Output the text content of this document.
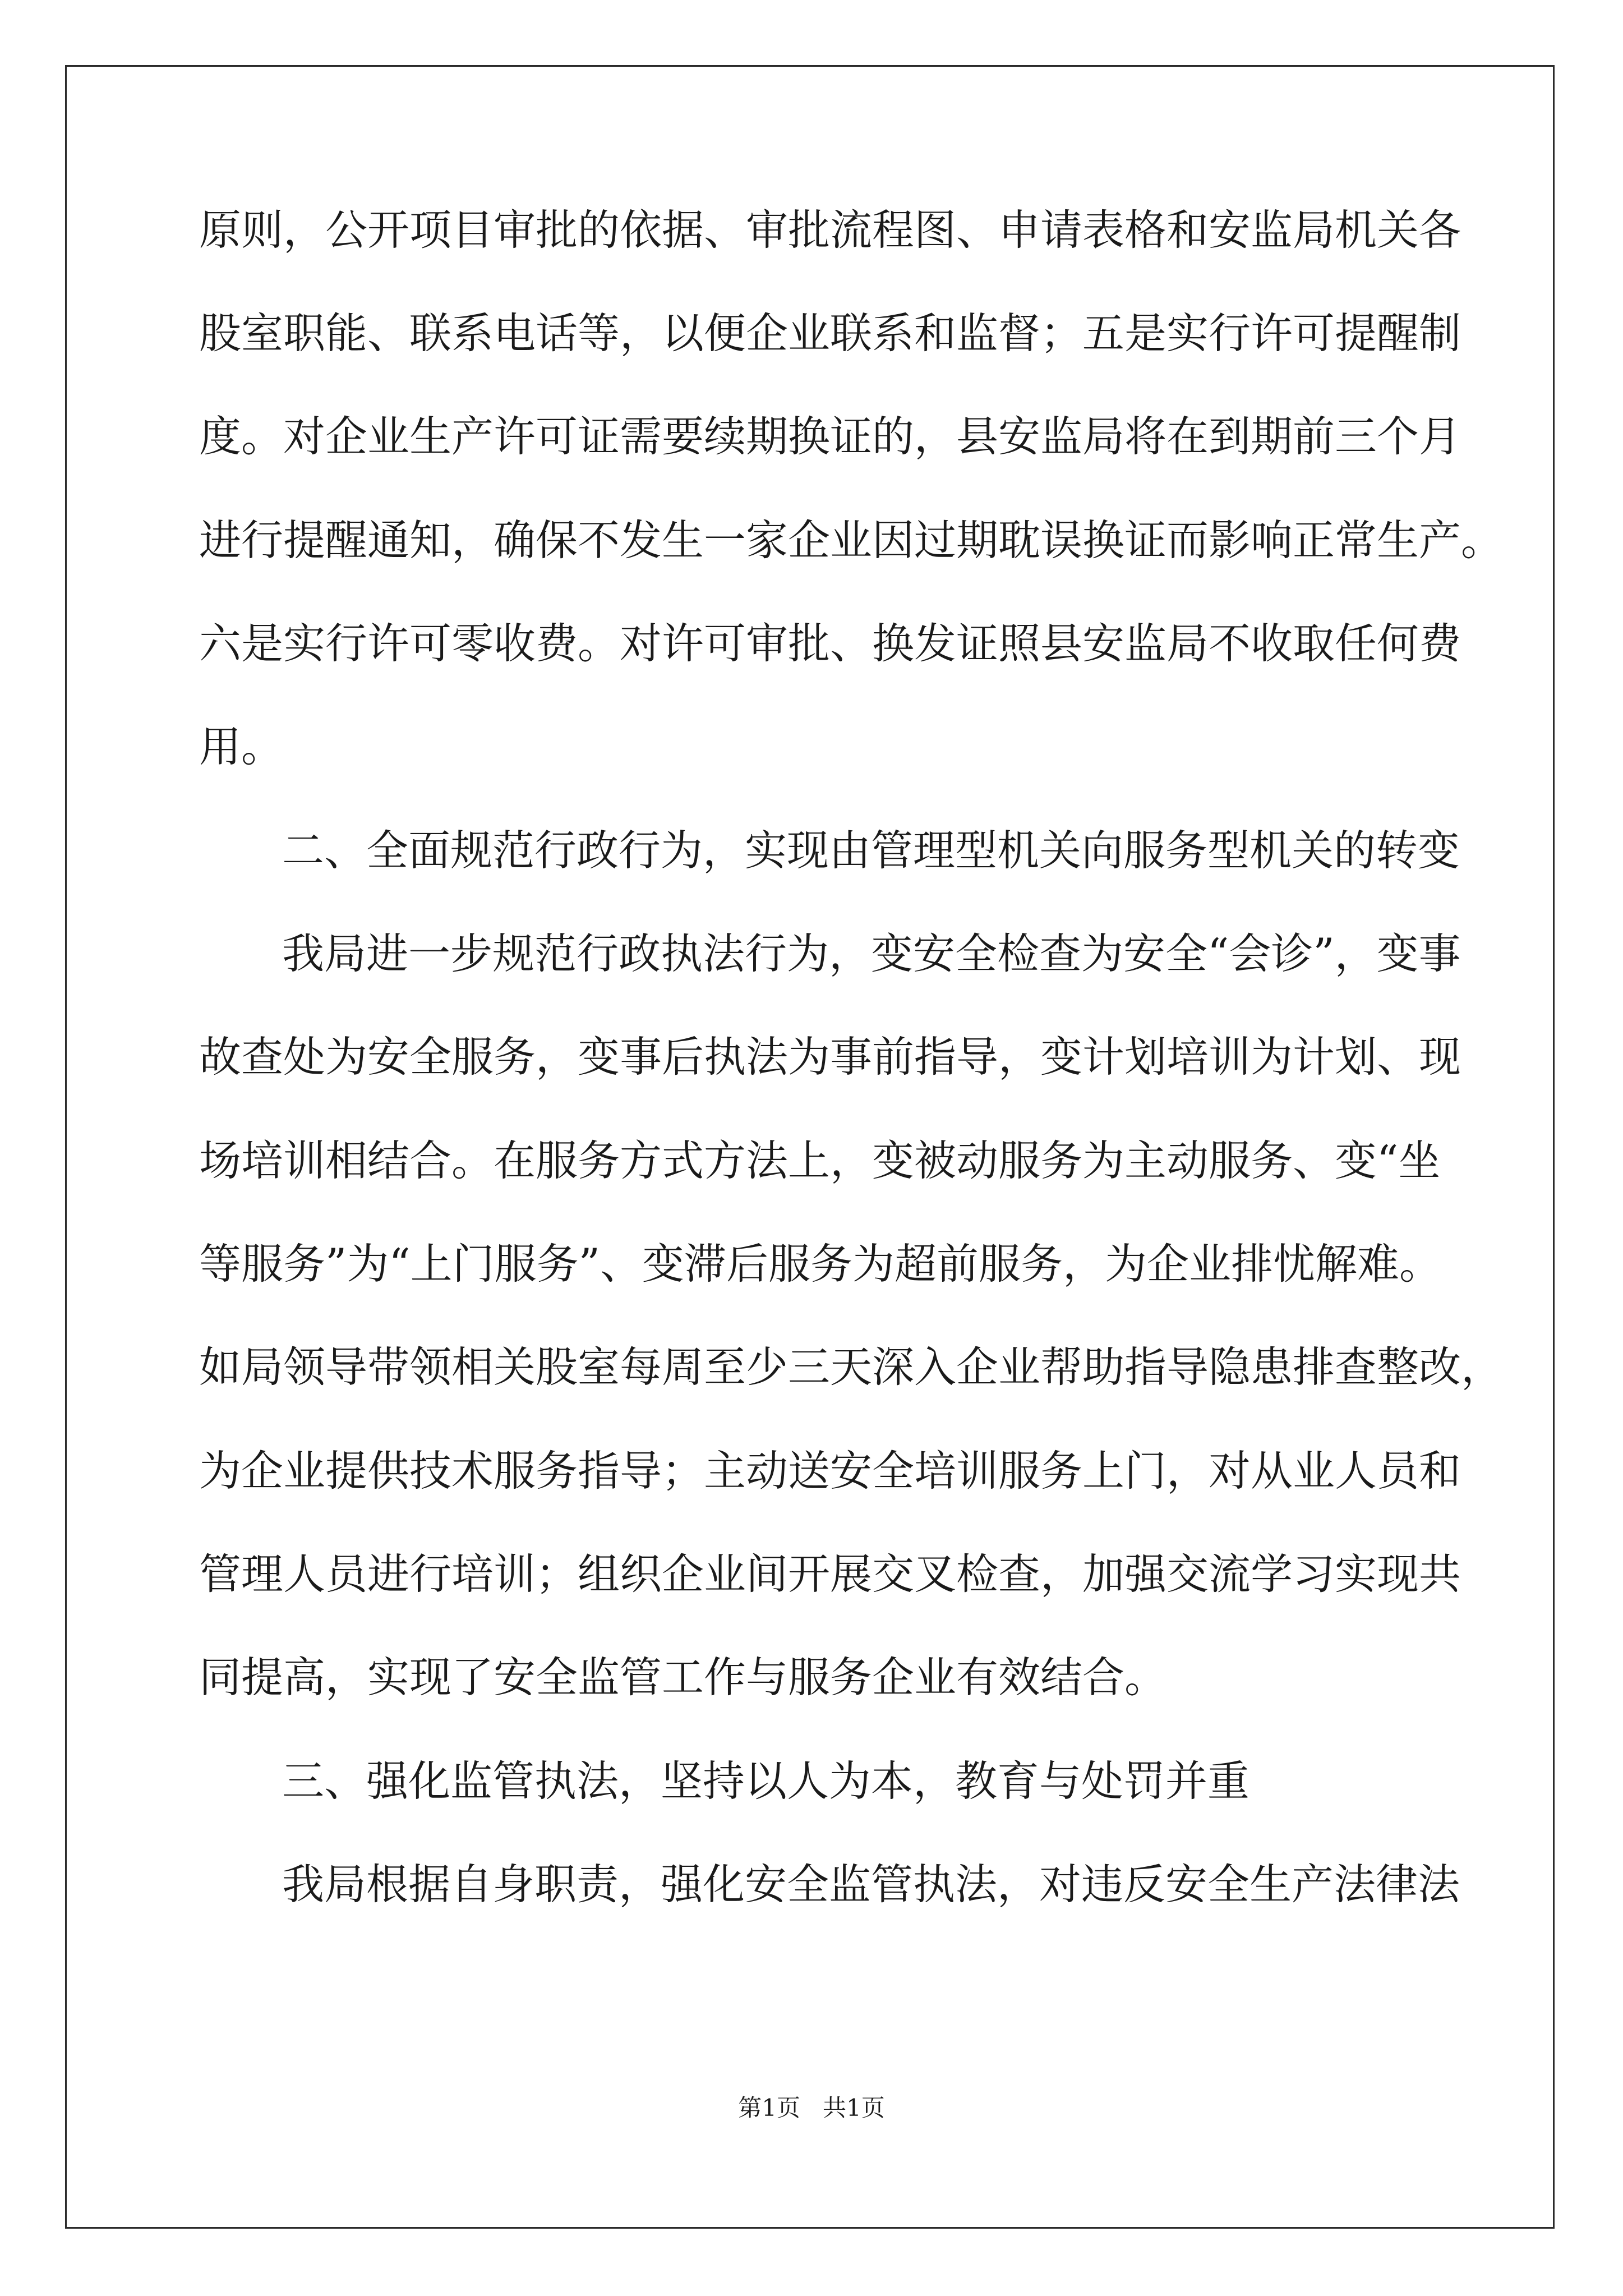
原则，公开项目审批的依据、审批流程图、申请表格和安监局机关各
股室职能、联系电话等，以便企业联系和监督；五是实行许可提醒制
度。对企业生产许可证需要续期换证的，县安监局将在到期前三个月
进行提醒通知，确保不发生一家企业因过期耽误换证而影响正常生产。
六是实行许可零收费。对许可审批、换发证照县安监局不收取任何费
用。
二、全面规范行政行为，实现由管理型机关向服务型机关的转变
我局进一步规范行政执法行为，变安全检查为安全“会诊”，变事
故查处为安全服务，变事后执法为事前指导，变计划培训为计划、现
场培训相结合。在服务方式方法上，变被动服务为主动服务、变“坐
等服务”为“上门服务”、变滞后服务为超前服务，为企业排忧解难。
如局领导带领相关股室每周至少三天深入企业帮助指导隐患排查整改，
为企业提供技术服务指导；主动送安全培训服务上门，对从业人员和
管理人员进行培训；组织企业间开展交叉检查，加强交流学习实现共
同提高，实现了安全监管工作与服务企业有效结合。
三、强化监管执法，坚持以人为本，教育与处罚并重
我局根据自身职责，强化安全监管执法，对违反安全生产法律法
第1页   共1页
